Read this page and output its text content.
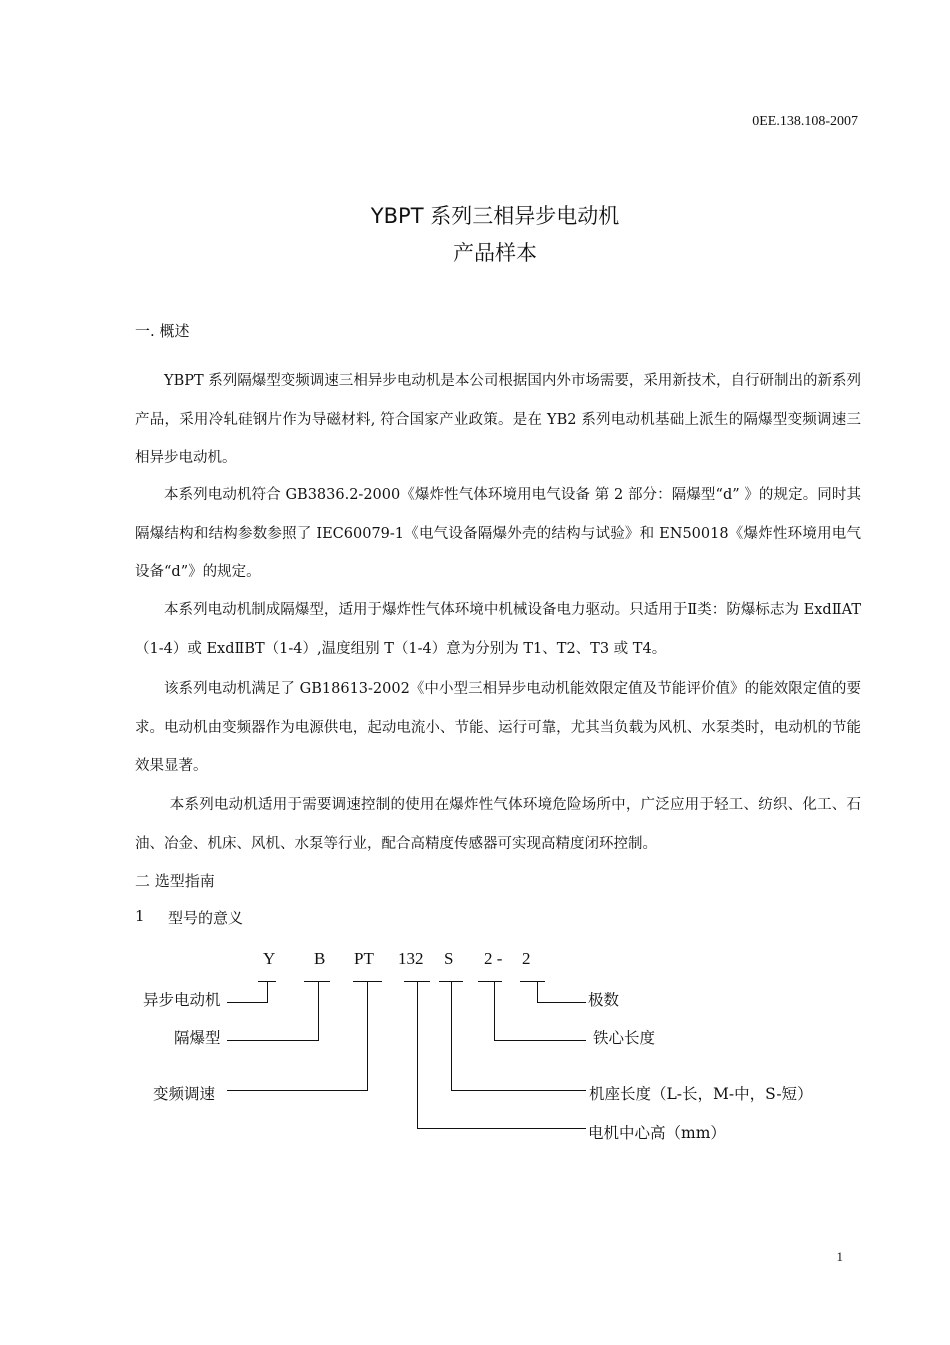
0EE.138.108-2007
YBPT 系列三相异步电动机
产品样本
一. 概述

YBPT 系列隔爆型变频调速三相异步电动机是本公司根据国内外市场需要，采用新技术，自行研制出的新系列产品，采用冷轧硅钢片作为导磁材料, 符合国家产业政策。是在 YB2 系列电动机基础上派生的隔爆型变频调速三相异步电动机。

本系列电动机符合 GB3836.2-2000《爆炸性气体环境用电气设备 第 2 部分：隔爆型“d” 》的规定。同时其隔爆结构和结构参数参照了 IEC60079-1《电气设备隔爆外壳的结构与试验》和 EN50018《爆炸性环境用电气设备“d”》的规定。

本系列电动机制成隔爆型，适用于爆炸性气体环境中机械设备电力驱动。只适用于Ⅱ类：防爆标志为 ExdⅡAT（1-4）或 ExdⅡBT（1-4）,温度组别 T（1-4）意为分别为 T1、T2、T3 或 T4。

该系列电动机满足了 GB18613-2002《中小型三相异步电动机能效限定值及节能评价值》的能效限定值的要求。电动机由变频器作为电源供电，起动电流小、节能、运行可靠，尤其当负载为风机、水泵类时，电动机的节能效果显著。

本系列电动机适用于需要调速控制的使用在爆炸性气体环境危险场所中，广泛应用于轻工、纺织、化工、石油、冶金、机床、风机、水泵等行业，配合高精度传感器可实现高精度闭环控制。

二 选型指南
1 型号的意义
Y B PT 132 S 2 - 2
异步电动机
隔爆型
变频调速
极数
铁心长度
机座长度（L-长，M-中，S-短）
电机中心高（mm）
1
